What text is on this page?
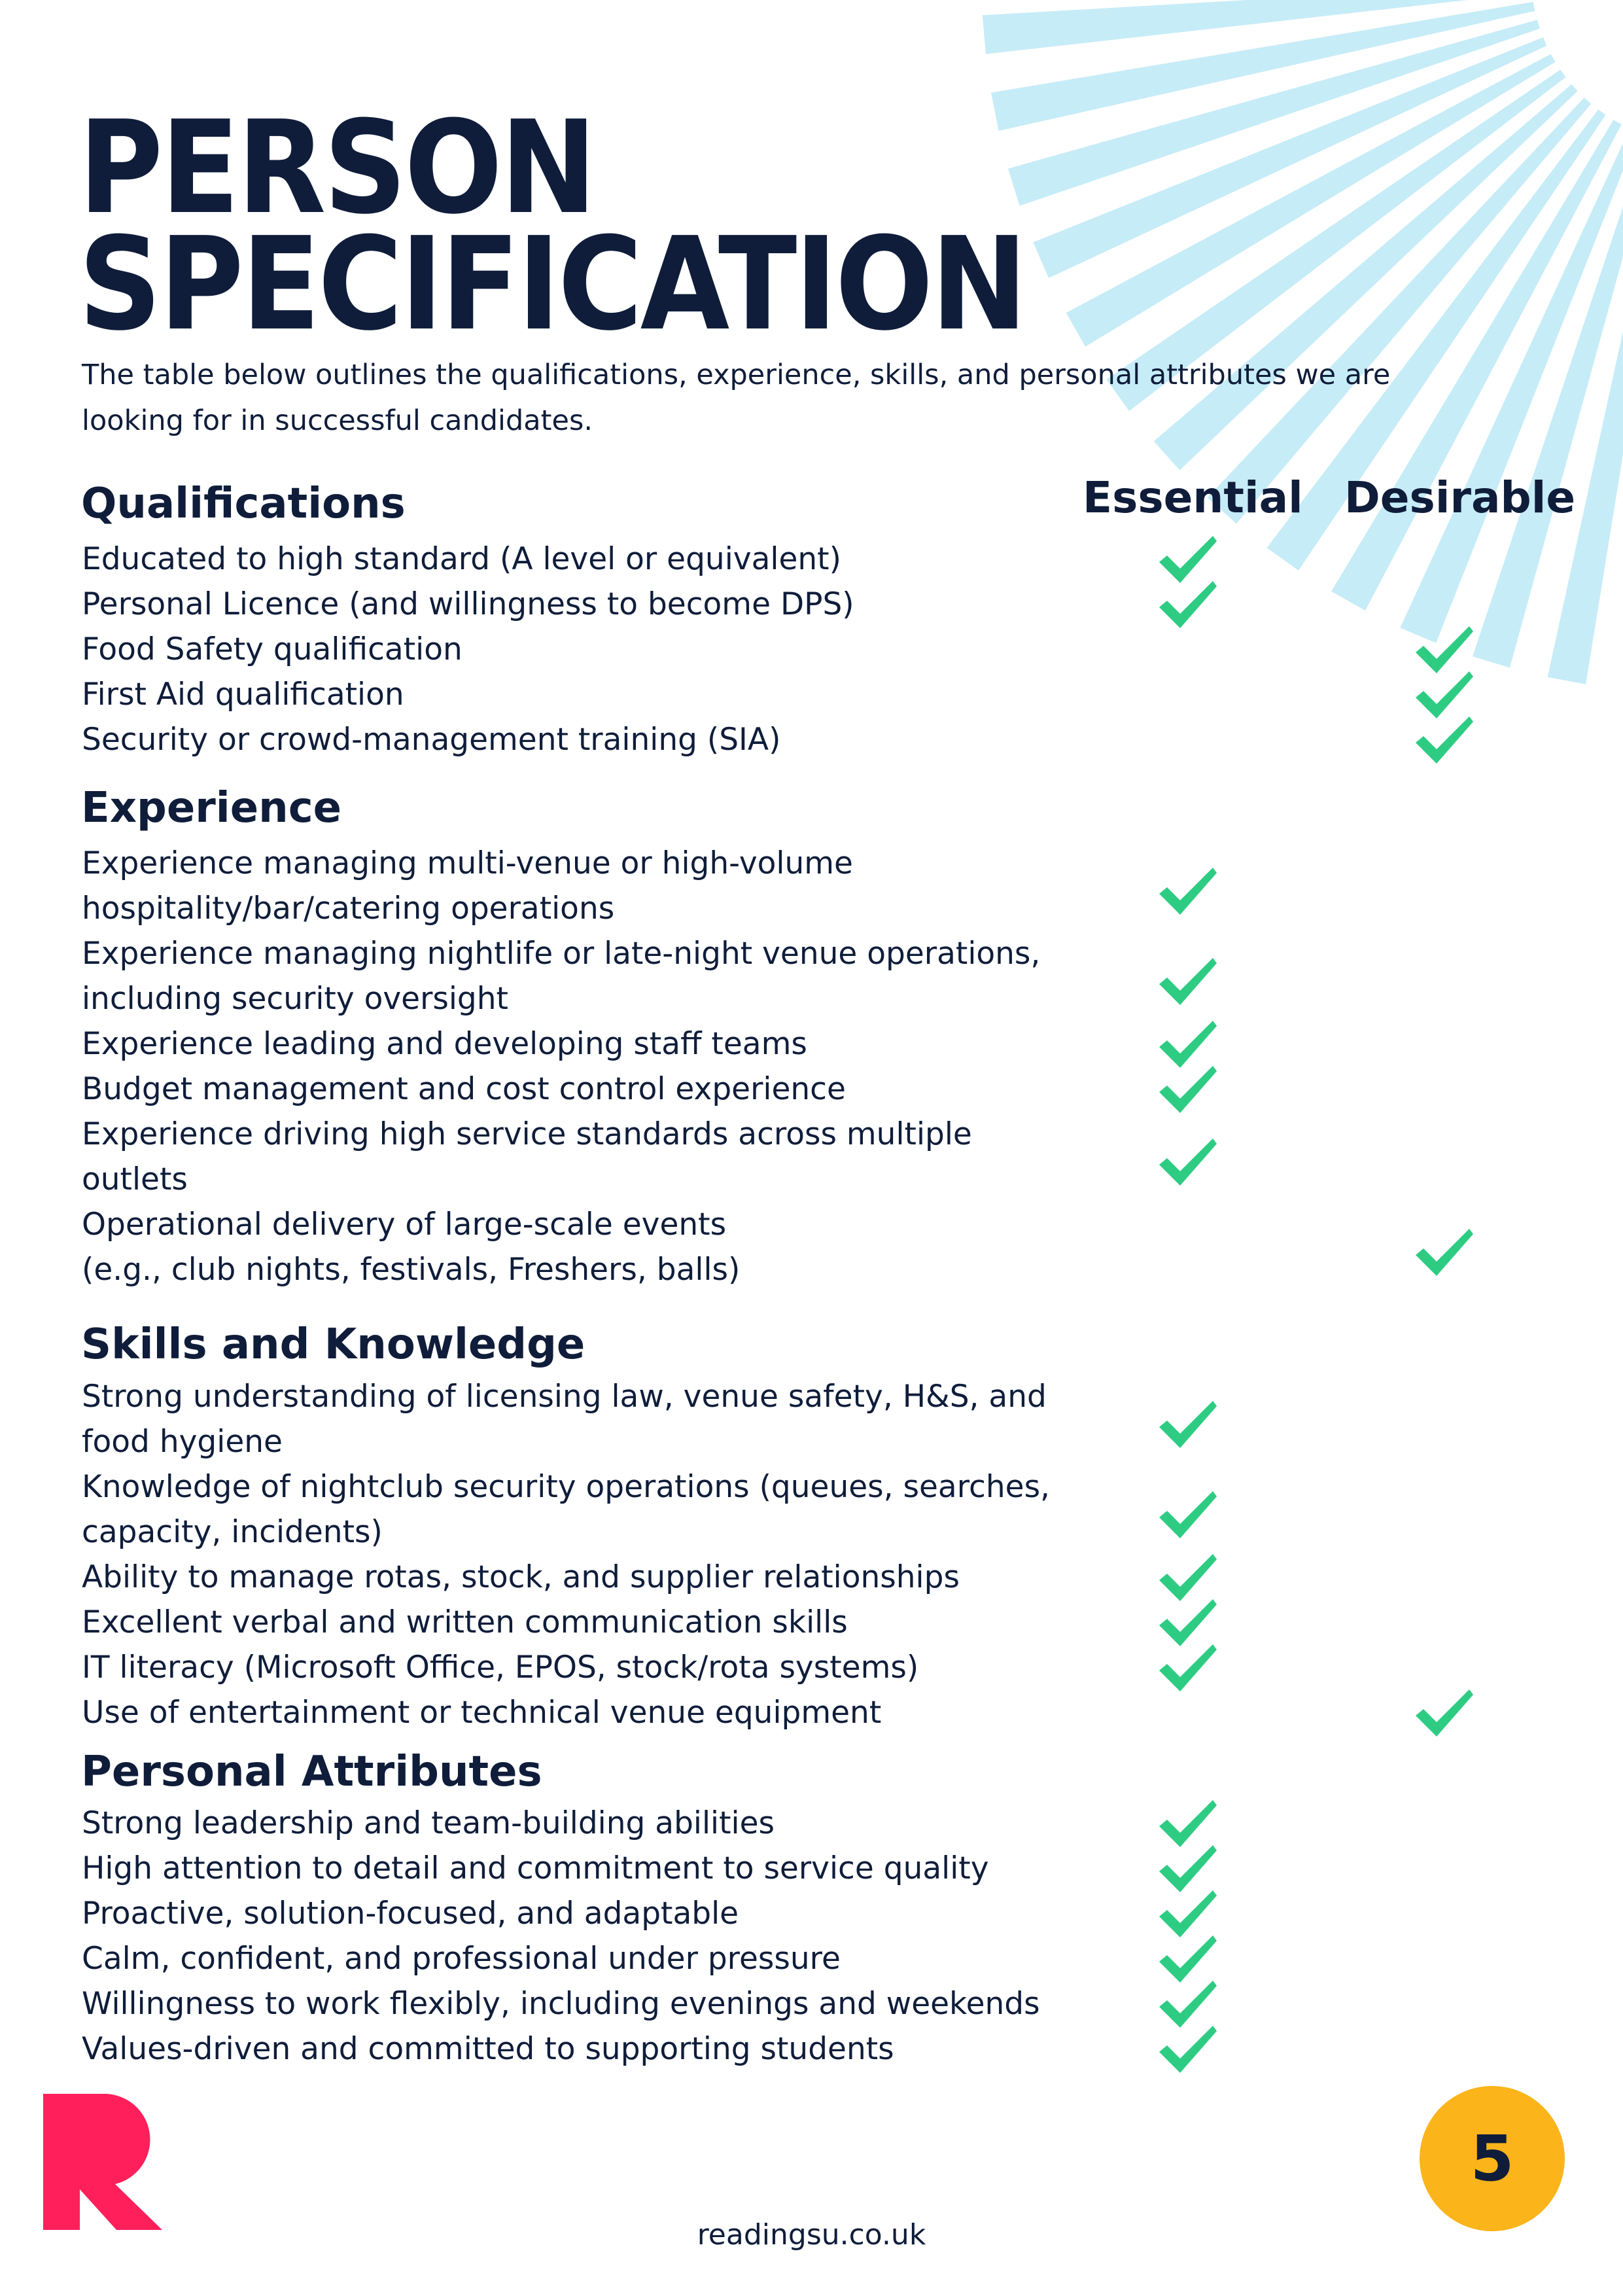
PERSON
SPECIFICATION

The table below outlines the qualifications, experience, skills, and personal attributes we are looking for in successful candidates.

Essential Desirable
Qualifications
Educated to high standard (A level or equivalent)
Personal Licence (and willingness to become DPS)
Food Safety qualification
First Aid qualification
Security or crowd-management training (SIA)
Experience
Experience managing multi-venue or high-volume
hospitality/bar/catering operations
Experience managing nightlife or late-night venue operations,
including security oversight
Experience leading and developing staff teams
Budget management and cost control experience
Experience driving high service standards across multiple
outlets
Operational delivery of large-scale events
(e.g., club nights, festivals, Freshers, balls)
Skills and Knowledge
Strong understanding of licensing law, venue safety, H&S, and
food hygiene
Knowledge of nightclub security operations (queues, searches,
capacity, incidents)
Ability to manage rotas, stock, and supplier relationships
Excellent verbal and written communication skills
IT literacy (Microsoft Office, EPOS, stock/rota systems)
Use of entertainment or technical venue equipment
Personal Attributes
Strong leadership and team-building abilities
High attention to detail and commitment to service quality
Proactive, solution-focused, and adaptable
Calm, confident, and professional under pressure
Willingness to work flexibly, including evenings and weekends
Values-driven and committed to supporting students
5
readingsu.co.uk
